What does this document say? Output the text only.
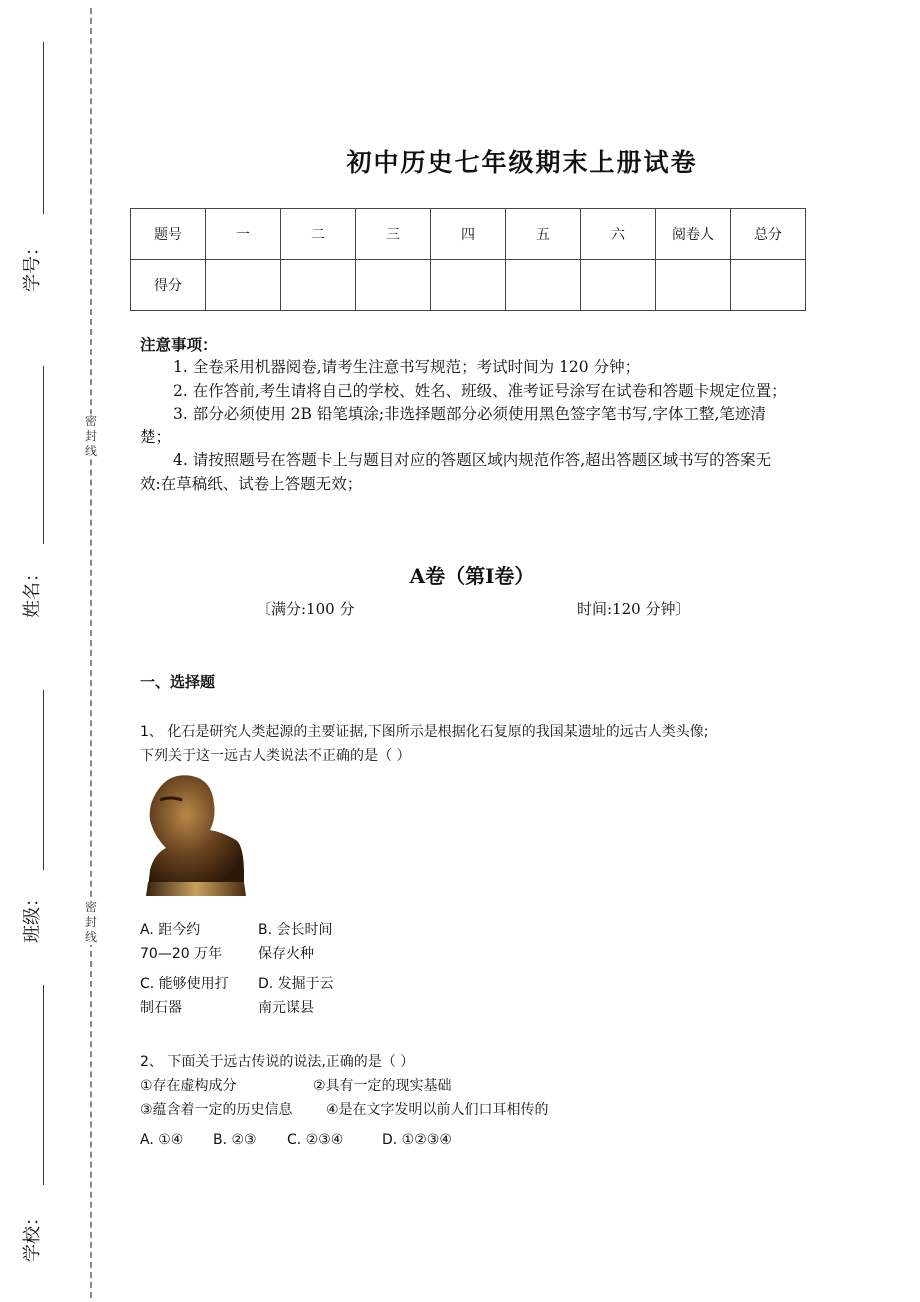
密封线
密封线
学号：
姓名：
班级：
学校：
初中历史七年级期末上册试卷
题号	一	二	三	四	五	六	阅卷人	总分
得分								
注意事项：
1. 全卷采用机器阅卷,请考生注意书写规范；考试时间为 120 分钟；
2. 在作答前,考生请将自己的学校、姓名、班级、准考证号涂写在试卷和答题卡规定位置；
3. 部分必须使用 2B 铅笔填涂;非选择题部分必须使用黑色签字笔书写,字体工整,笔迹清楚；
4. 请按照题号在答题卡上与题目对应的答题区域内规范作答,超出答题区域书写的答案无效:在草稿纸、试卷上答题无效；
A卷（第Ⅰ卷）
〔满分:100 分	时间:120 分钟〕
一、选择题
1、 化石是研究人类起源的主要证据,下图所示是根据化石复原的我国某遗址的远古人类头像;
下列关于这一远古人类说法不正确的是（ ）
A. 距今约
70—20 万年
B. 会长时间
保存火种
C. 能够使用打
制石器
D. 发掘于云
南元谋县
2、 下面关于远古传说的说法,正确的是（ ）
①存在虚构成分	②具有一定的现实基础
③蕴含着一定的历史信息 ④是在文字发明以前人们口耳相传的
A. ①④ B. ②③ C. ②③④	D. ①②③④
